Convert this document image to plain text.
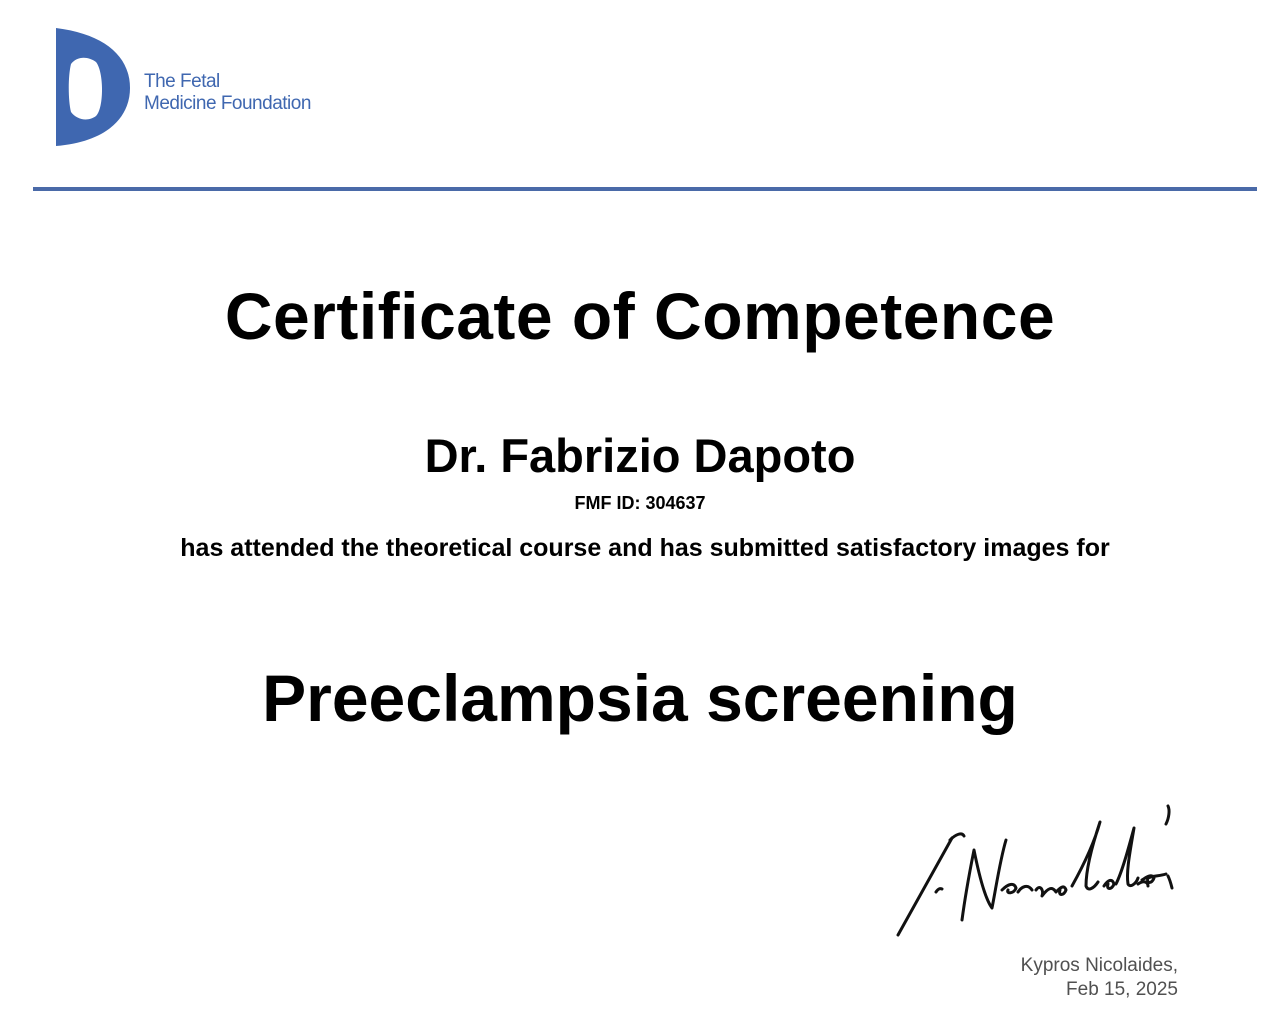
The Fetal
Medicine Foundation
Certificate of Competence
Dr. Fabrizio Dapoto
FMF ID: 304637
has attended the theoretical course and has submitted satisfactory images for
Preeclampsia screening
Kypros Nicolaides,
Feb 15, 2025
